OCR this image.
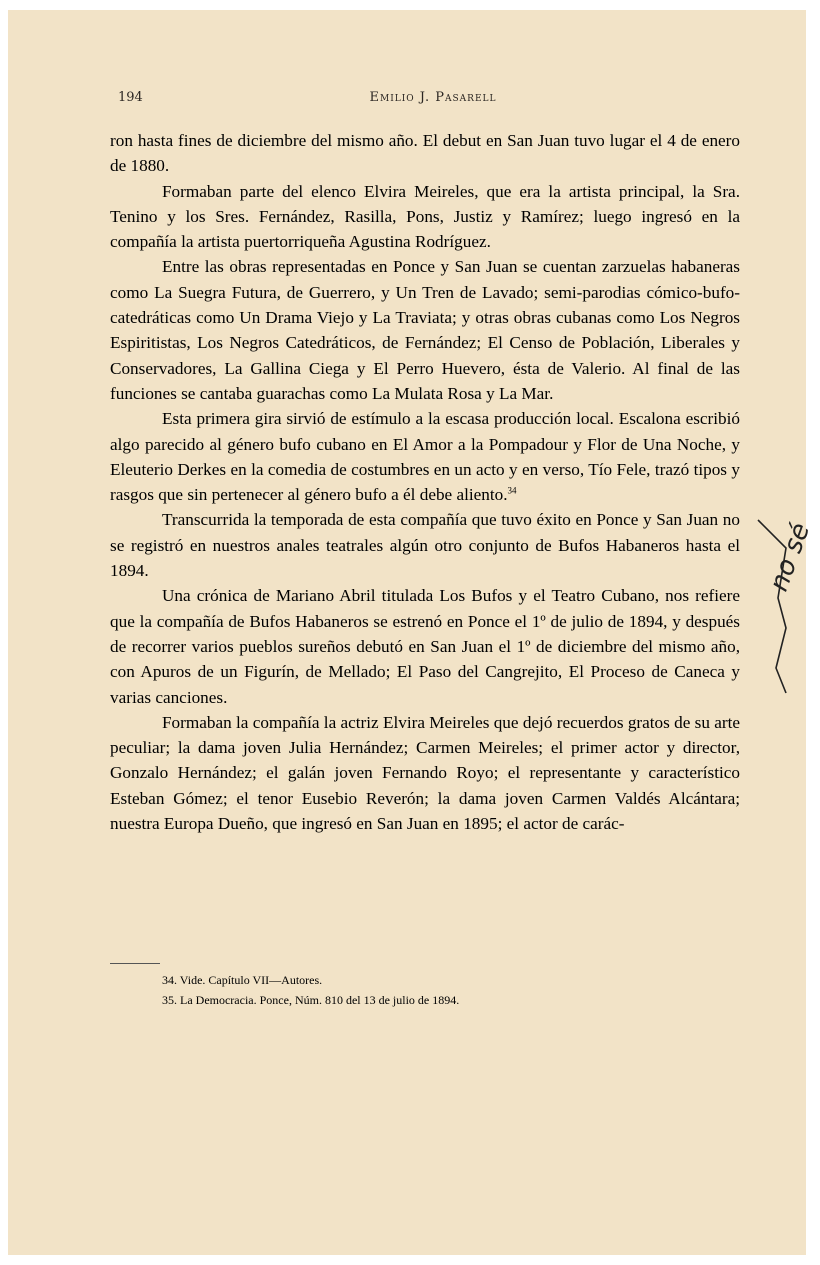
194	Emilio J. Pasarell

ron hasta fines de diciembre del mismo año. El debut en San Juan tuvo lugar el 4 de enero de 1880.

Formaban parte del elenco Elvira Meireles, que era la artista principal, la Sra. Tenino y los Sres. Fernández, Rasilla, Pons, Justiz y Ramírez; luego ingresó en la compañía la artista puertorriqueña Agustina Rodríguez.

Entre las obras representadas en Ponce y San Juan se cuentan zarzuelas habaneras como La Suegra Futura, de Guerrero, y Un Tren de Lavado; semi-parodias cómico-bufo-catedráticas como Un Drama Viejo y La Traviata; y otras obras cubanas como Los Negros Espiritistas, Los Negros Catedráticos, de Fernández; El Censo de Población, Liberales y Conservadores, La Gallina Ciega y El Perro Huevero, ésta de Valerio. Al final de las funciones se cantaba guarachas como La Mulata Rosa y La Mar.

Esta primera gira sirvió de estímulo a la escasa producción local. Escalona escribió algo parecido al género bufo cubano en El Amor a la Pompadour y Flor de Una Noche, y Eleuterio Derkes en la comedia de costumbres en un acto y en verso, Tío Fele, trazó tipos y rasgos que sin pertenecer al género bufo a él debe aliento.$^{34}$

Transcurrida la temporada de esta compañía que tuvo éxito en Ponce y San Juan no se registró en nuestros anales teatrales algún otro conjunto de Bufos Habaneros hasta el 1894.

Una crónica de Mariano Abril titulada Los Bufos y el Teatro Cubano, nos refiere que la compañía de Bufos Habaneros se estrenó en Ponce el 1º de julio de 1894, y después de recorrer varios pueblos sureños debutó en San Juan el 1º de diciembre del mismo año, con Apuros de un Figurín, de Mellado; El Paso del Cangrejito, El Proceso de Caneca y varias canciones.

Formaban la compañía la actriz Elvira Meireles que dejó recuerdos gratos de su arte peculiar; la dama joven Julia Hernández; Carmen Meireles; el primer actor y director, Gonzalo Hernández; el galán joven Fernando Royo; el representante y característico Esteban Gómez; el tenor Eusebio Reverón; la dama joven Carmen Valdés Alcántara; nuestra Europa Dueño, que ingresó en San Juan en 1895; el actor de carác-

34. Vide. Capítulo VII—Autores.
35. La Democracia. Ponce, Núm. 810 del 13 de julio de 1894.
no sé
